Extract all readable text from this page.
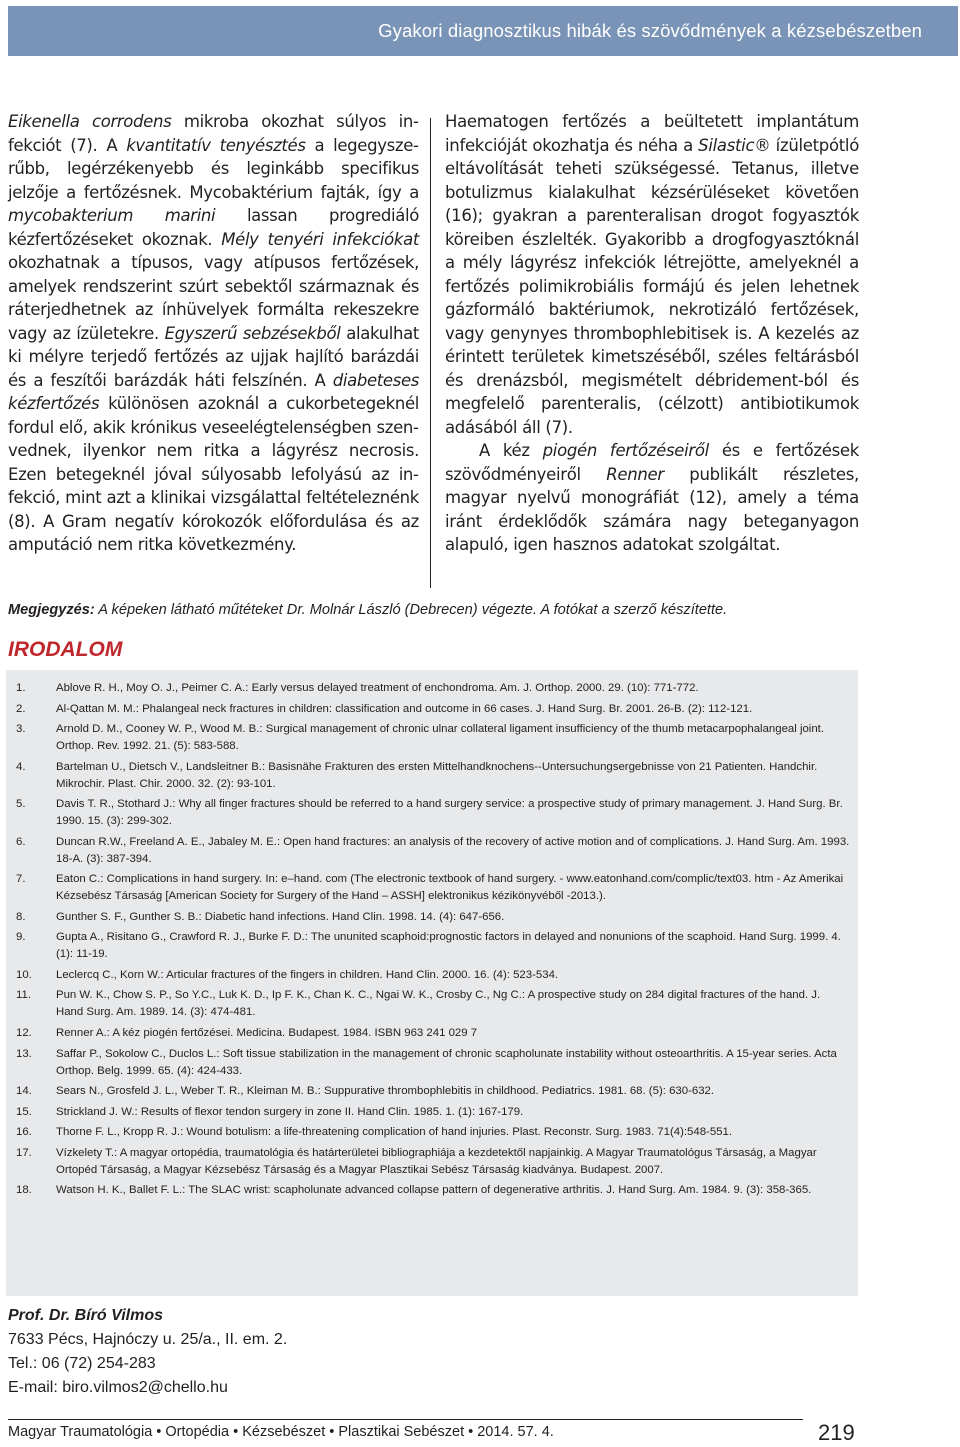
Gyakori diagnosztikus hibák és szövődmények a kézsebészetben

Eikenella corrodens mikroba okozhat súlyos infekciót (7). A kvantitatív tenyésztés a legegyszerűbb, legérzékenyebb és leginkább specifikus jelzője a fertőzésnek. Mycobaktérium fajták, így a mycobakterium marini lassan progrediáló kézfertőzéseket okoznak. Mély tenyéri infekciókat okozhatnak a típusos, vagy atípusos fertőzések, amelyek rendszerint szúrt sebektől származnak és ráterjedhetnek az ínhüvelyek formálta rekeszekre vagy az ízületekre. Egyszerű sebzésekből alakulhat ki mélyre terjedő fertőzés az ujjak hajlító barázdái és a feszítői barázdák háti felszínén. A diabeteses kézfertőzés különösen azoknál a cukorbetegeknél fordul elő, akik krónikus veseelégtelenségben szenvednek, ilyenkor nem ritka a lágyrész necrosis. Ezen betegeknél jóval súlyosabb lefolyású az infekció, mint azt a klinikai vizsgálattal feltételeznénk (8). A Gram negatív kórokozók előfordulása és az amputáció nem ritka következmény.

Haematogen fertőzés a beültetett implantátum infekcióját okozhatja és néha a Silastic® ízületpótló eltávolítását teheti szükségessé. Tetanus, illetve botulizmus kialakulhat kézsérüléseket követően (16); gyakran a parenteralisan drogot fogyasztók köreiben észlelték. Gyakoribb a drogfogyasztóknál a mély lágyrész infekciók létrejötte, amelyeknél a fertőzés polimikrobiális formájú és jelen lehetnek gázformáló baktériumok, nekrotizáló fertőzések, vagy genynyes thrombophlebitisek is. A kezelés az érintett területek kimetszéséből, széles feltárásból és drenázsból, megismételt débridement-ból és megfelelő parenteralis, (célzott) antibiotikumok adásából áll (7).

A kéz piogén fertőzéseiről és e fertőzések szövődményeiről Renner publikált részletes, magyar nyelvű monográfiát (12), amely a téma iránt érdeklődők számára nagy beteganyagon alapuló, igen hasznos adatokat szolgáltat.

Megjegyzés: A képeken látható műtéteket Dr. Molnár László (Debrecen) végezte. A fotókat a szerző készítette.
IRODALOM
1.	Ablove R. H., Moy O. J., Peimer C. A.: Early versus delayed treatment of enchondroma. Am. J. Orthop. 2000. 29. (10): 771-772.
2.	Al-Qattan M. M.: Phalangeal neck fractures in children: classification and outcome in 66 cases. J. Hand Surg. Br. 2001. 26-B. (2): 112-121.
3.	Arnold D. M., Cooney W. P., Wood M. B.: Surgical management of chronic ulnar collateral ligament insufficiency of the thumb metacarpophalangeal joint. Orthop. Rev. 1992. 21. (5): 583-588.
4.	Bartelman U., Dietsch V., Landsleitner B.: Basisnähe Frakturen des ersten Mittelhandknochens--Untersuchungsergebnisse von 21 Patienten. Handchir. Mikrochir. Plast. Chir. 2000. 32. (2): 93-101.
5.	Davis T. R., Stothard J.: Why all finger fractures should be referred to a hand surgery service: a prospective study of primary management. J. Hand Surg. Br. 1990. 15. (3): 299-302.
6.	Duncan R.W., Freeland A. E., Jabaley M. E.: Open hand fractures: an analysis of the recovery of active motion and of complications. J. Hand Surg. Am. 1993. 18-A. (3): 387-394.
7.	Eaton C.: Complications in hand surgery. In: e–hand. com (The electronic textbook of hand surgery. - www.eatonhand.com/complic/text03. htm - Az Amerikai Kézsebész Társaság [American Society for Surgery of the Hand – ASSH] elektronikus kézikönyvéből -2013.).
8.	Gunther S. F., Gunther S. B.: Diabetic hand infections. Hand Clin. 1998. 14. (4): 647-656.
9.	Gupta A., Risitano G., Crawford R. J., Burke F. D.: The ununited scaphoid:prognostic factors in delayed and nonunions of the scaphoid. Hand Surg. 1999. 4. (1): 11-19.
10. Leclercq C., Korn W.: Articular fractures of the fingers in children. Hand Clin. 2000. 16. (4): 523-534.
11. Pun W. K., Chow S. P., So Y.C., Luk K. D., Ip F. K., Chan K. C., Ngai W. K., Crosby C., Ng C.: A prospective study on 284 digital fractures of the hand. J. Hand Surg. Am. 1989. 14. (3): 474-481.
12. Renner A.: A kéz piogén fertőzései. Medicina. Budapest. 1984. ISBN 963 241 029 7
13. Saffar P., Sokolow C., Duclos L.: Soft tissue stabilization in the management of chronic scapholunate instability without osteoarthritis. A 15-year series. Acta Orthop. Belg. 1999. 65. (4): 424-433.
14. Sears N., Grosfeld J. L., Weber T. R., Kleiman M. B.: Suppurative thrombophlebitis in childhood. Pediatrics. 1981. 68. (5): 630-632.
15. Strickland J. W.: Results of flexor tendon surgery in zone II. Hand Clin. 1985. 1. (1): 167-179.
16. Thorne F. L., Kropp R. J.: Wound botulism: a life-threatening complication of hand injuries. Plast. Reconstr. Surg. 1983. 71(4):548-551.
17. Vízkelety T.: A magyar ortopédia, traumatológia és határterületei bibliographiája a kezdetektől napjainkig. A Magyar Traumatológus Társaság, a Magyar Ortopéd Társaság, a Magyar Kézsebész Társaság és a Magyar Plasztikai Sebész Társaság kiadványa. Budapest. 2007.
18. Watson H. K., Ballet F. L.: The SLAC wrist: scapholunate advanced collapse pattern of degenerative arthritis. J. Hand Surg. Am. 1984. 9. (3): 358-365.
Prof. Dr. Bíró Vilmos
7633 Pécs, Hajnóczy u. 25/a., II. em. 2.
Tel.: 06 (72) 254-283
E-mail: biro.vilmos2@chello.hu
Magyar Traumatológia • Ortopédia • Kézsebészet • Plasztikai Sebészet • 2014. 57. 4.	219
